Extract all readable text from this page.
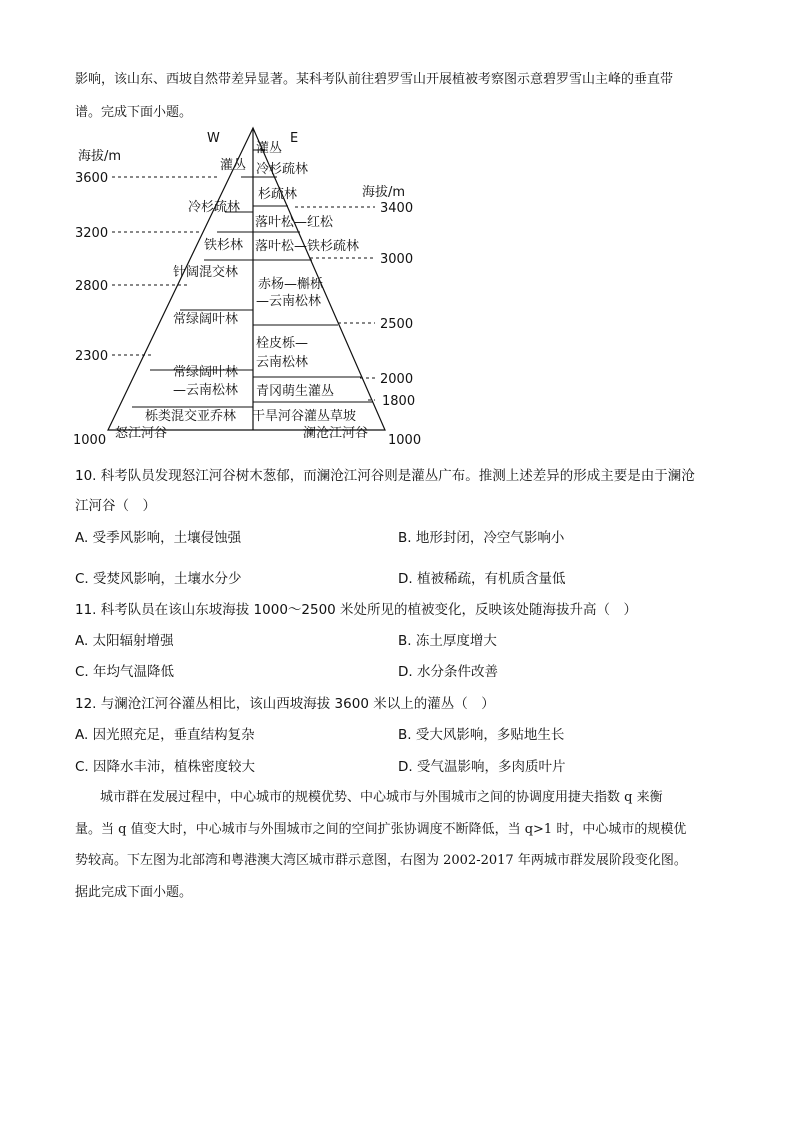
影响，该山东、西坡自然带差异显著。某科考队前往碧罗雪山开展植被考察图示意碧罗雪山主峰的垂直带
谱。完成下面小题。
W	E
海拔/m
海拔/m
3600
3200
2800
2300
1000
3400
3000
2500
2000
1800
1000
灌丛
冷杉疏林
铁杉林
针阔混交林
常绿阔叶林
常绿阔叶林
—云南松林
栎类混交亚乔林
灌丛
冷杉疏林
杉疏林
落叶松—红松
落叶松—铁杉疏林
赤杨—槲栎
—云南松林
栓皮栎—
云南松林
青冈萌生灌丛
干旱河谷灌丛草坡
怒江河谷	澜沧江河谷
10. 科考队员发现怒江河谷树木葱郁，而澜沧江河谷则是灌丛广布。推测上述差异的形成主要是由于澜沧
江河谷（　）
A. 受季风影响，土壤侵蚀强	B. 地形封闭，冷空气影响小
C. 受焚风影响，土壤水分少	D. 植被稀疏，有机质含量低
11. 科考队员在该山东坡海拔 1000～2500 米处所见的植被变化，反映该处随海拔升高（　）
A. 太阳辐射增强	B. 冻土厚度增大
C. 年均气温降低	D. 水分条件改善
12. 与澜沧江河谷灌丛相比，该山西坡海拔 3600 米以上的灌丛（　）
A. 因光照充足，垂直结构复杂	B. 受大风影响，多贴地生长
C. 因降水丰沛，植株密度较大	D. 受气温影响，多肉质叶片
城市群在发展过程中，中心城市的规模优势、中心城市与外围城市之间的协调度用捷夫指数 q 来衡
量。当 q 值变大时，中心城市与外围城市之间的空间扩张协调度不断降低，当 q>1 时，中心城市的规模优
势较高。下左图为北部湾和粤港澳大湾区城市群示意图，右图为 2002-2017 年两城市群发展阶段变化图。
据此完成下面小题。
